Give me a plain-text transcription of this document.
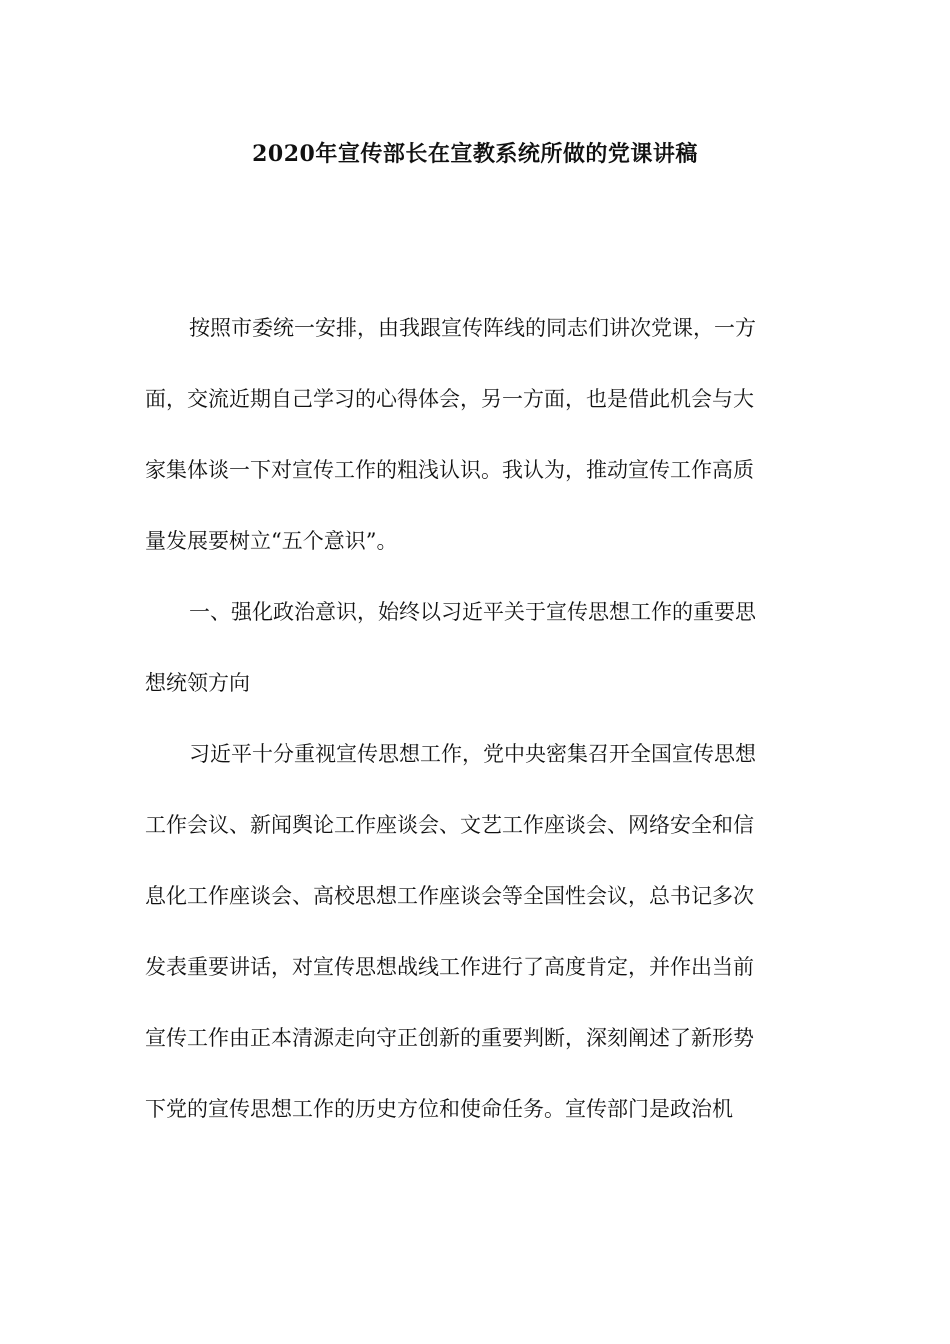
2020年宣传部长在宣教系统所做的党课讲稿

按照市委统一安排，由我跟宣传阵线的同志们讲次党课，一方

面，交流近期自己学习的心得体会，另一方面，也是借此机会与大

家集体谈一下对宣传工作的粗浅认识。我认为，推动宣传工作高质

量发展要树立“五个意识”。

一、强化政治意识，始终以习近平关于宣传思想工作的重要思

想统领方向

习近平十分重视宣传思想工作，党中央密集召开全国宣传思想

工作会议、新闻舆论工作座谈会、文艺工作座谈会、网络安全和信

息化工作座谈会、高校思想工作座谈会等全国性会议，总书记多次

发表重要讲话，对宣传思想战线工作进行了高度肯定，并作出当前

宣传工作由正本清源走向守正创新的重要判断，深刻阐述了新形势

下党的宣传思想工作的历史方位和使命任务。宣传部门是政治机
